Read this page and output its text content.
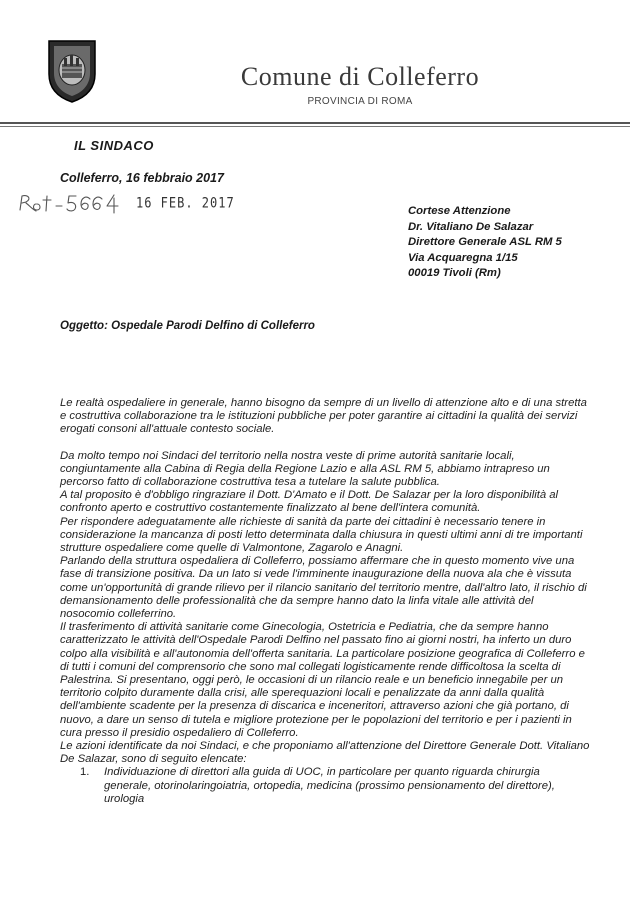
Comune di Colleferro
PROVINCIA DI ROMA
IL SINDACO
Colleferro, 16 febbraio 2017
16 FEB. 2017	Cortese Attenzione
Dr. Vitaliano De Salazar
Direttore Generale ASL RM 5
Via Acquaregna 1/15
00019 Tivoli (Rm)
Oggetto: Ospedale Parodi Delfino di Colleferro

Le realtà ospedaliere in generale, hanno bisogno da sempre di un livello di attenzione alto e di una stretta e costruttiva collaborazione tra le istituzioni pubbliche per poter garantire ai cittadini la qualità dei servizi erogati consoni all'attuale contesto sociale.

Da molto tempo noi Sindaci del territorio nella nostra veste di prime autorità sanitarie locali, congiuntamente alla Cabina di Regia della Regione Lazio e alla ASL RM 5, abbiamo intrapreso un percorso fatto di collaborazione costruttiva tesa a tutelare la salute pubblica.

A tal proposito è d'obbligo ringraziare il Dott. D'Amato e il Dott. De Salazar per la loro disponibilità al confronto aperto e costruttivo costantemente finalizzato al bene dell'intera comunità.

Per rispondere adeguatamente alle richieste di sanità da parte dei cittadini è necessario tenere in considerazione la mancanza di posti letto determinata dalla chiusura in questi ultimi anni di tre importanti strutture ospedaliere come quelle di Valmontone, Zagarolo e Anagni.

Parlando della struttura ospedaliera di Colleferro, possiamo affermare che in questo momento vive una fase di transizione positiva. Da un lato si vede l'imminente inaugurazione della nuova ala che è vissuta come un'opportunità di grande rilievo per il rilancio sanitario del territorio mentre, dall'altro lato, il rischio di demansionamento delle professionalità che da sempre hanno dato la linfa vitale alle attività del nosocomio colleferrino.

Il trasferimento di attività sanitarie come Ginecologia, Ostetricia e Pediatria, che da sempre hanno caratterizzato le attività dell'Ospedale Parodi Delfino nel passato fino ai giorni nostri, ha inferto un duro colpo alla visibilità e all'autonomia dell'offerta sanitaria. La particolare posizione geografica di Colleferro e di tutti i comuni del comprensorio che sono mal collegati logisticamente rende difficoltosa la scelta di Palestrina. Si presentano, oggi però, le occasioni di un rilancio reale e un beneficio innegabile per un territorio colpito duramente dalla crisi, alle sperequazioni locali e penalizzate da anni dalla qualità dell'ambiente scadente per la presenza di discarica e inceneritori, attraverso azioni che già portano, di nuovo, a dare un senso di tutela e migliore protezione per le popolazioni del territorio e per i pazienti in cura presso il presidio ospedaliero di Colleferro.

Le azioni identificate da noi Sindaci, e che proponiamo all'attenzione del Direttore Generale Dott. Vitaliano De Salazar, sono di seguito elencate:

1.	Individuazione di direttori alla guida di UOC, in particolare per quanto riguarda chirurgia generale, otorinolaringoiatria, ortopedia, medicina (prossimo pensionamento del direttore), urologia
